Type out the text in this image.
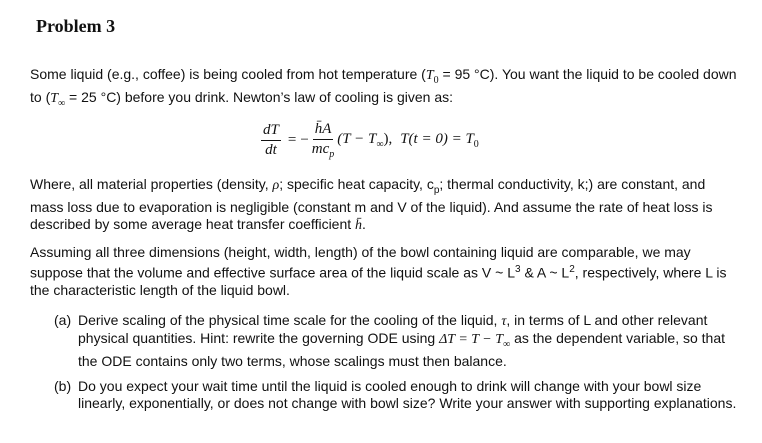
Problem 3
Some liquid (e.g., coffee) is being cooled from hot temperature ($T_0 = 95$ °C). You want the liquid to be cooled down to ($T_\infty = 25$ °C) before you drink. Newton’s law of cooling is given as:
$\frac{dT}{dt}$ = − $\frac{h̄A}{mc_p} (T - T_\infty)$, $T(t = 0) = T_0$
Where, all material properties (density, ρ; specific heat capacity, $c_p$; thermal conductivity, k;) are constant, and mass loss due to evaporation is negligible (constant m and V of the liquid). And assume the rate of heat loss is described by some average heat transfer coefficient h̄.
Assuming all three dimensions (height, width, length) of the bowl containing liquid are comparable, we may suppose that the volume and effective surface area of the liquid scale as V ~ $L^3$ & A ~ $L^2$, respectively, where L is the characteristic length of the liquid bowl.
(a) Derive scaling of the physical time scale for the cooling of the liquid, τ, in terms of L and other relevant physical quantities. Hint: rewrite the governing ODE using $\Delta T = T - T_\infty$ as the dependent variable, so that the ODE contains only two terms, whose scalings must then balance.
(b) Do you expect your wait time until the liquid is cooled enough to drink will change with your bowl size linearly, exponentially, or does not change with bowl size? Write your answer with supporting explanations.
